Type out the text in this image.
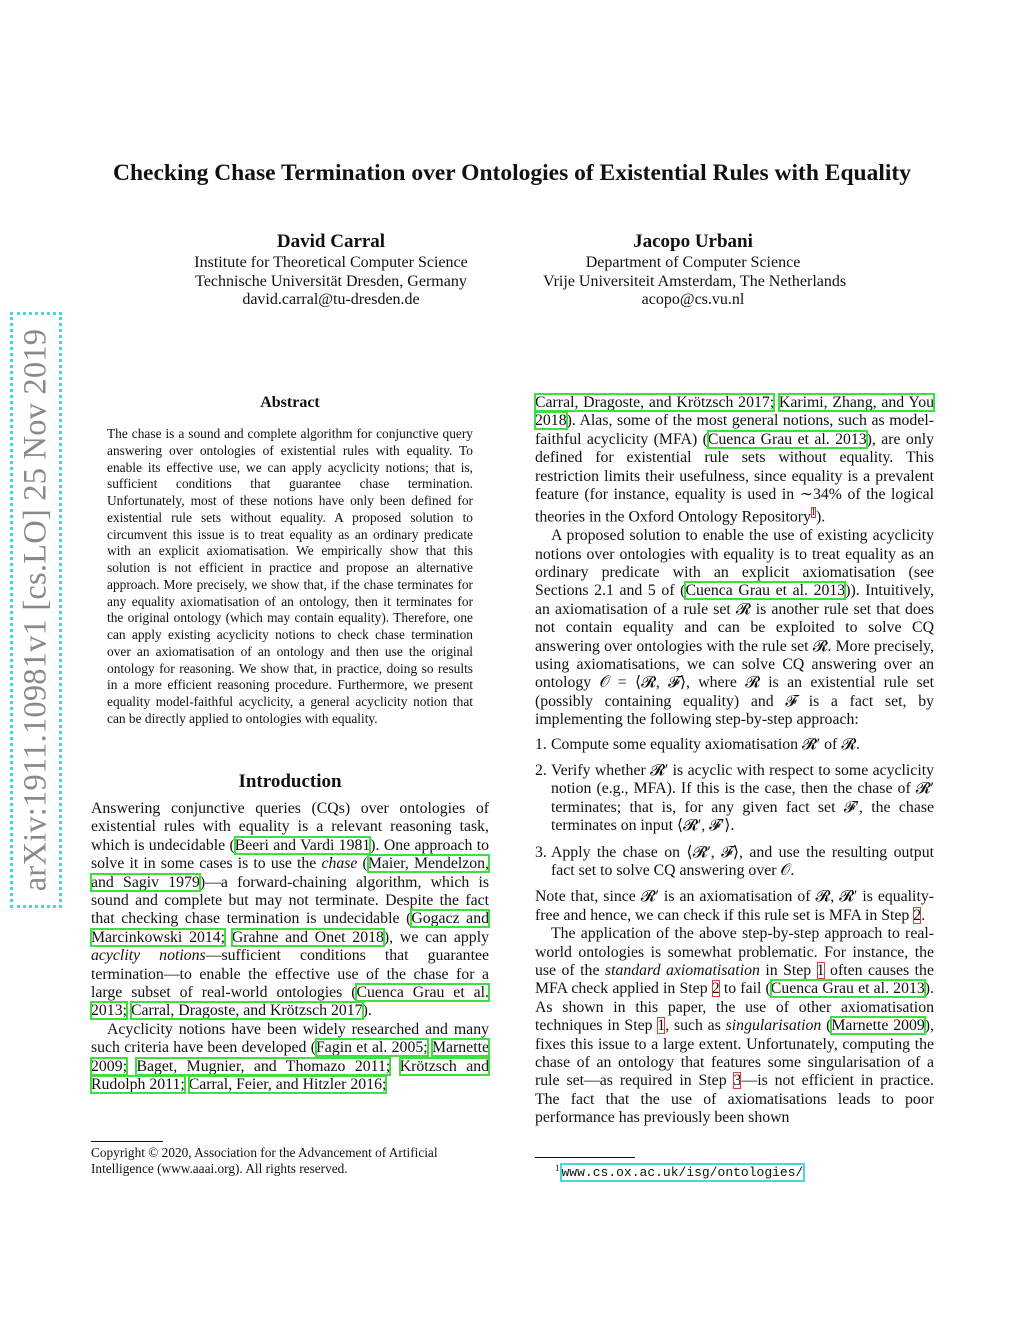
arXiv:1911.10981v1 [cs.LO] 25 Nov 2019
Checking Chase Termination over Ontologies of Existential Rules with Equality
David Carral
Institute for Theoretical Computer Science
Technische Universität Dresden, Germany
david.carral@tu-dresden.de
Jacopo Urbani
Department of Computer Science
Vrije Universiteit Amsterdam, The Netherlands
acopo@cs.vu.nl
Abstract
The chase is a sound and complete algorithm for conjunctive query answering over ontologies of existential rules with equality. To enable its effective use, we can apply acyclicity notions; that is, sufficient conditions that guarantee chase termination. Unfortunately, most of these notions have only been defined for existential rule sets without equality. A proposed solution to circumvent this issue is to treat equality as an ordinary predicate with an explicit axiomatisation. We empirically show that this solution is not efficient in practice and propose an alternative approach. More precisely, we show that, if the chase terminates for any equality axiomatisation of an ontology, then it terminates for the original ontology (which may contain equality). Therefore, one can apply existing acyclicity notions to check chase termination over an axiomatisation of an ontology and then use the original ontology for reasoning. We show that, in practice, doing so results in a more efficient reasoning procedure. Furthermore, we present equality model-faithful acyclicity, a general acyclicity notion that can be directly applied to ontologies with equality.
Introduction

Answering conjunctive queries (CQs) over ontologies of existential rules with equality is a relevant reasoning task, which is undecidable (Beeri and Vardi 1981). One approach to solve it in some cases is to use the chase (Maier, Mendelzon, and Sagiv 1979)—a forward-chaining algorithm, which is sound and complete but may not terminate. Despite the fact that checking chase termination is undecidable (Gogacz and Marcinkowski 2014; Grahne and Onet 2018), we can apply acyclity notions—sufficient conditions that guarantee termination—to enable the effective use of the chase for a large subset of real-world ontologies (Cuenca Grau et al. 2013; Carral, Dragoste, and Krötzsch 2017).

Acyclicity notions have been widely researched and many such criteria have been developed (Fagin et al. 2005; Marnette 2009; Baget, Mugnier, and Thomazo 2011; Krötzsch and Rudolph 2011; Carral, Feier, and Hitzler 2016;

Copyright © 2020, Association for the Advancement of Artificial Intelligence (www.aaai.org). All rights reserved.

Carral, Dragoste, and Krötzsch 2017; Karimi, Zhang, and You 2018). Alas, some of the most general notions, such as model-faithful acyclicity (MFA) (Cuenca Grau et al. 2013), are only defined for existential rule sets without equality. This restriction limits their usefulness, since equality is a prevalent feature (for instance, equality is used in ∼34% of the logical theories in the Oxford Ontology Repository$^1$).

A proposed solution to enable the use of existing acyclicity notions over ontologies with equality is to treat equality as an ordinary predicate with an explicit axiomatisation (see Sections 2.1 and 5 of (Cuenca Grau et al. 2013)). Intuitively, an axiomatisation of a rule set 𝓡 is another rule set that does not contain equality and can be exploited to solve CQ answering over ontologies with the rule set 𝓡. More precisely, using axiomatisations, we can solve CQ answering over an ontology 𝒪 = ⟨𝓡, 𝓕⟩, where 𝓡 is an existential rule set (possibly containing equality) and 𝓕 is a fact set, by implementing the following step-by-step approach:

1. Compute some equality axiomatisation 𝓡′ of 𝓡.
2. Verify whether 𝓡′ is acyclic with respect to some acyclicity notion (e.g., MFA). If this is the case, then the chase of 𝓡′ terminates; that is, for any given fact set 𝓕′, the chase terminates on input ⟨𝓡′, 𝓕′⟩.
3. Apply the chase on ⟨𝓡′, 𝓕⟩, and use the resulting output fact set to solve CQ answering over 𝒪.

Note that, since 𝓡′ is an axiomatisation of 𝓡, 𝓡′ is equality-free and hence, we can check if this rule set is MFA in Step 2.

The application of the above step-by-step approach to real-world ontologies is somewhat problematic. For instance, the use of the standard axiomatisation in Step 1 often causes the MFA check applied in Step 2 to fail (Cuenca Grau et al. 2013). As shown in this paper, the use of other axiomatisation techniques in Step 1, such as singularisation (Marnette 2009), fixes this issue to a large extent. Unfortunately, computing the chase of an ontology that features some singularisation of a rule set—as required in Step 3—is not efficient in practice. The fact that the use of axiomatisations leads to poor performance has previously been shown

$^1$ www.cs.ox.ac.uk/isg/ontologies/
